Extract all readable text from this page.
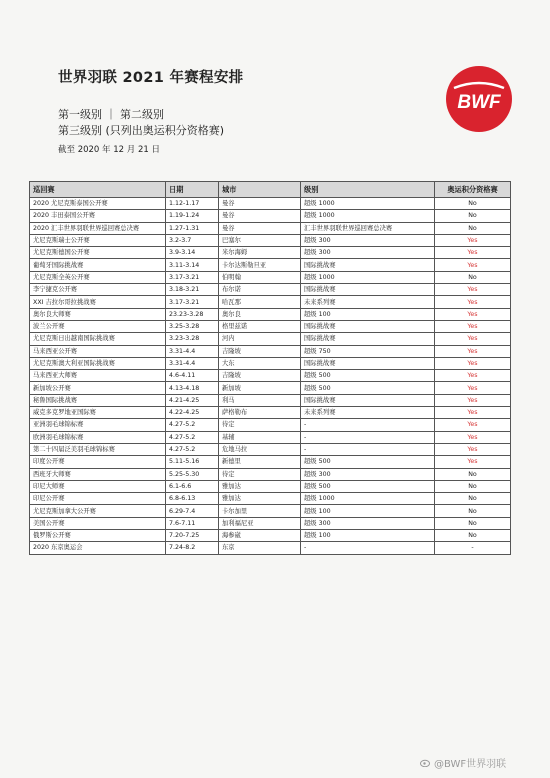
世界羽联 2021 年赛程安排
第一级别 ｜ 第二级别
第三级别 (只列出奥运积分资格赛)
截至 2020 年 12 月 21 日
BWF
巡回赛	日期	城市	级别	奥运积分资格赛
2020 尤尼克斯泰国公开赛	1.12-1.17	曼谷	超级 1000	No
2020 丰田泰国公开赛	1.19-1.24	曼谷	超级 1000	No
2020 汇丰世界羽联世界巡回赛总决赛	1.27-1.31	曼谷	汇丰世界羽联世界巡回赛总决赛	No
尤尼克斯瑞士公开赛	3.2-3.7	巴塞尔	超级 300	Yes
尤尼克斯德国公开赛	3.9-3.14	米尔海姆	超级 300	Yes
葡萄牙国际挑战赛	3.11-3.14	卡尔达斯勒旦亚	国际挑战赛	Yes
尤尼克斯全英公开赛	3.17-3.21	伯明翰	超级 1000	No
李宁捷克公开赛	3.18-3.21	布尔诺	国际挑战赛	Yes
XXI 吉拉尔哥拉挑战赛	3.17-3.21	哈瓦那	未来系列赛	Yes
奥尔良大师赛	23.23-3.28	奥尔良	超级 100	Yes
波兰公开赛	3.25-3.28	格里兹诺	国际挑战赛	Yes
尤尼克斯日出越南国际挑战赛	3.23-3.28	河内	国际挑战赛	Yes
马来西亚公开赛	3.31-4.4	吉隆坡	超级 750	Yes
尤尼克斯澳大利亚国际挑战赛	3.31-4.4	大东	国际挑战赛	Yes
马来西亚大师赛	4.6-4.11	吉隆坡	超级 500	Yes
新加坡公开赛	4.13-4.18	新加坡	超级 500	Yes
秘鲁国际挑战赛	4.21-4.25	利马	国际挑战赛	Yes
威克多克罗地亚国际赛	4.22-4.25	萨格勒布	未来系列赛	Yes
亚洲羽毛球锦标赛	4.27-5.2	待定	-	Yes
欧洲羽毛球锦标赛	4.27-5.2	基辅	-	Yes
第二十四届泛美羽毛球锦标赛	4.27-5.2	危地马拉	-	Yes
印度公开赛	5.11-5.16	新德里	超级 500	Yes
西班牙大师赛	5.25-5.30	待定	超级 300	No
印尼大师赛	6.1-6.6	雅加达	超级 500	No
印尼公开赛	6.8-6.13	雅加达	超级 1000	No
尤尼克斯加拿大公开赛	6.29-7.4	卡尔加里	超级 100	No
美国公开赛	7.6-7.11	加利福尼亚	超级 300	No
俄罗斯公开赛	7.20-7.25	海参崴	超级 100	No
2020 东京奥运会	7.24-8.2	东京	-	-
@BWF世界羽联
